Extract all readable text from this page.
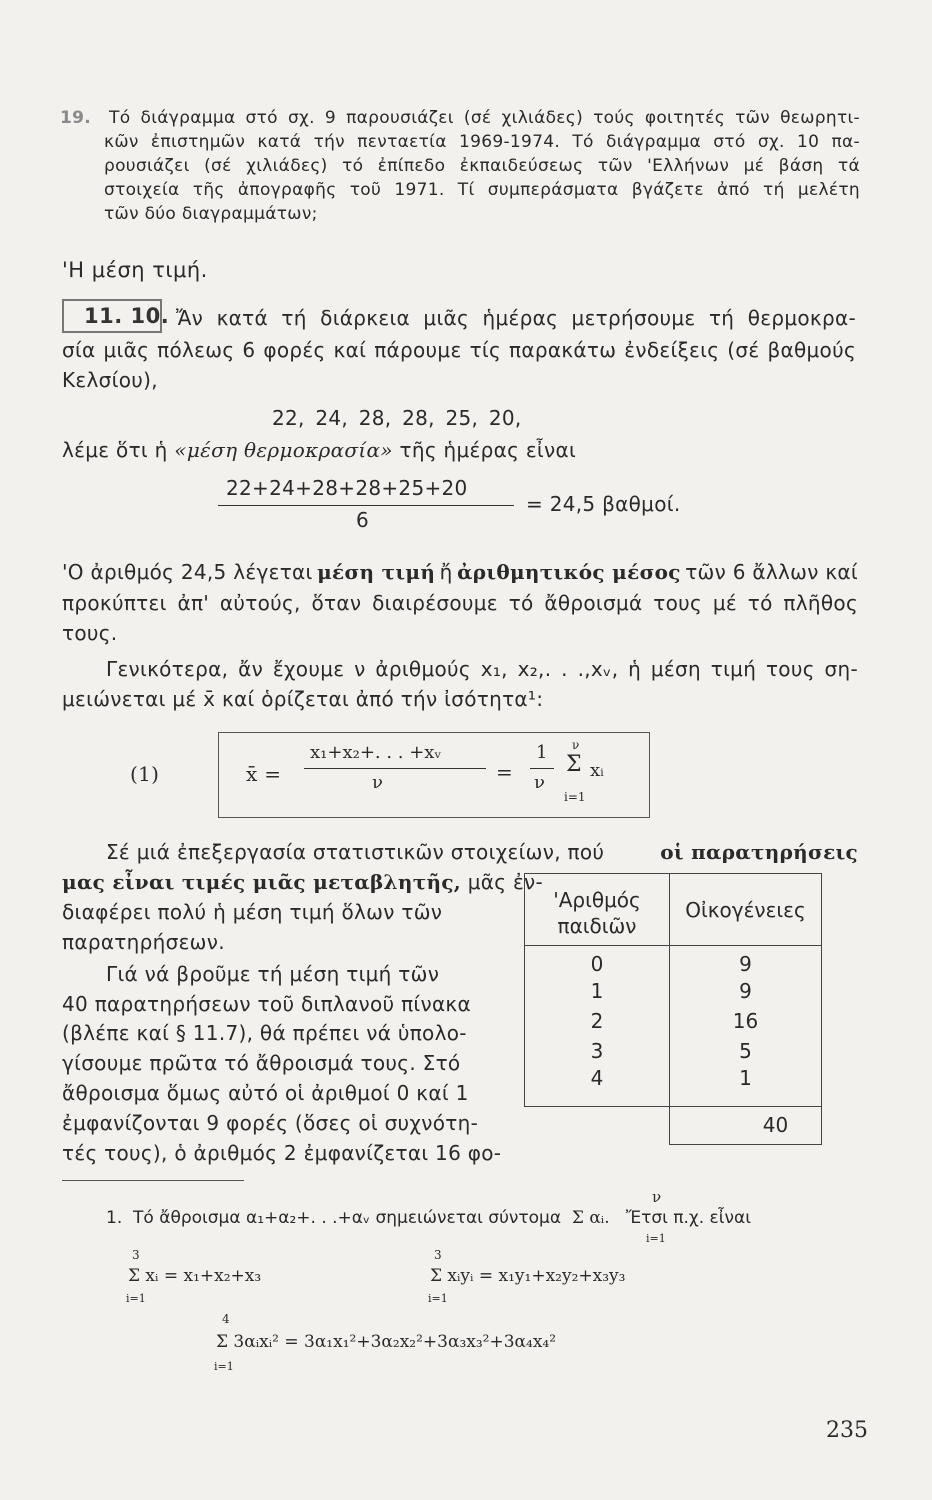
19. Τό διάγραμμα στό σχ. 9 παρουσιάζει (σέ χιλιάδες) τούς φοιτητές τῶν θεωρητι-
κῶν ἐπιστημῶν κατά τήν πενταετία 1969-1974. Τό διάγραμμα στό σχ. 10 πα-
ρουσιάζει (σέ χιλιάδες) τό ἐπίπεδο ἐκπαιδεύσεως τῶν 'Ελλήνων μέ βάση τά
στοιχεία τῆς ἀπογραφῆς τοῦ 1971. Τί συμπεράσματα βγάζετε ἀπό τή μελέτη
τῶν δύο διαγραμμάτων;
'Η μέση τιμή.
11. 10. Ἄν κατά τή διάρκεια μιᾶς ἡμέρας μετρήσουμε τή θερμοκρα-
σία μιᾶς πόλεως 6 φορές καί πάρουμε τίς παρακάτω ἐνδείξεις (σέ βαθμούς
Κελσίου),
22, 24, 28, 28, 25, 20,
λέμε ὅτι ἡ «μέση θερμοκρασία» τῆς ἡμέρας εἶναι
22+24+28+28+25+20
6
= 24,5 βαθμοί.
'Ο ἀριθμός 24,5 λέγεται μέση τιμή ἤ ἀριθμητικός μέσος τῶν 6 ἄλλων καί
προκύπτει ἀπ' αὐτούς, ὅταν διαιρέσουμε τό ἄθροισμά τους μέ τό πλῆθος
τους.
Γενικότερα, ἄν ἔχουμε ν ἀριθμούς x₁, x₂,. . .,xᵥ, ἡ μέση τιμή τους ση-
μειώνεται μέ x̄ καί ὁρίζεται ἀπό τήν ἰσότητα¹:
(1)	x̄ =
x₁+x₂+. . . +xᵥ
ν	=
1
ν
ν
Σ xᵢ
i=1
Σέ μιά ἐπεξεργασία στατιστικῶν στοιχείων, πού	οἱ παρατηρήσεις
μας εἶναι τιμές μιᾶς μεταβλητῆς, μᾶς ἐν-
διαφέρει πολύ ἡ μέση τιμή ὅλων τῶν
παρατηρήσεων.
Γιά νά βροῦμε τή μέση τιμή τῶν
40 παρατηρήσεων τοῦ διπλανοῦ πίνακα
(βλέπε καί § 11.7), θά πρέπει νά ὑπολο-
γίσουμε πρῶτα τό ἄθροισμά τους. Στό
ἄθροισμα ὅμως αὐτό οἱ ἀριθμοί 0 καί 1
ἐμφανίζονται 9 φορές (ὅσες οἱ συχνότη-
τές τους), ὁ ἀριθμός 2 ἐμφανίζεται 16 φο-
'Αριθμός
παιδιῶν	Οἰκογένειες
0	9
1	9
2	16
3	5
4	1
	40
1. Τό ἄθροισμα α₁+α₂+. . .+αᵥ σημειώνεται σύντομα Σ αᵢ. Ἔτσι π.χ. εἶναι
ν
i=1
3
Σ xᵢ = x₁+x₂+x₃
i=1
3
Σ xᵢyᵢ = x₁y₁+x₂y₂+x₃y₃
i=1
4
Σ 3αᵢxᵢ² = 3α₁x₁²+3α₂x₂²+3α₃x₃²+3α₄x₄²
i=1
235
